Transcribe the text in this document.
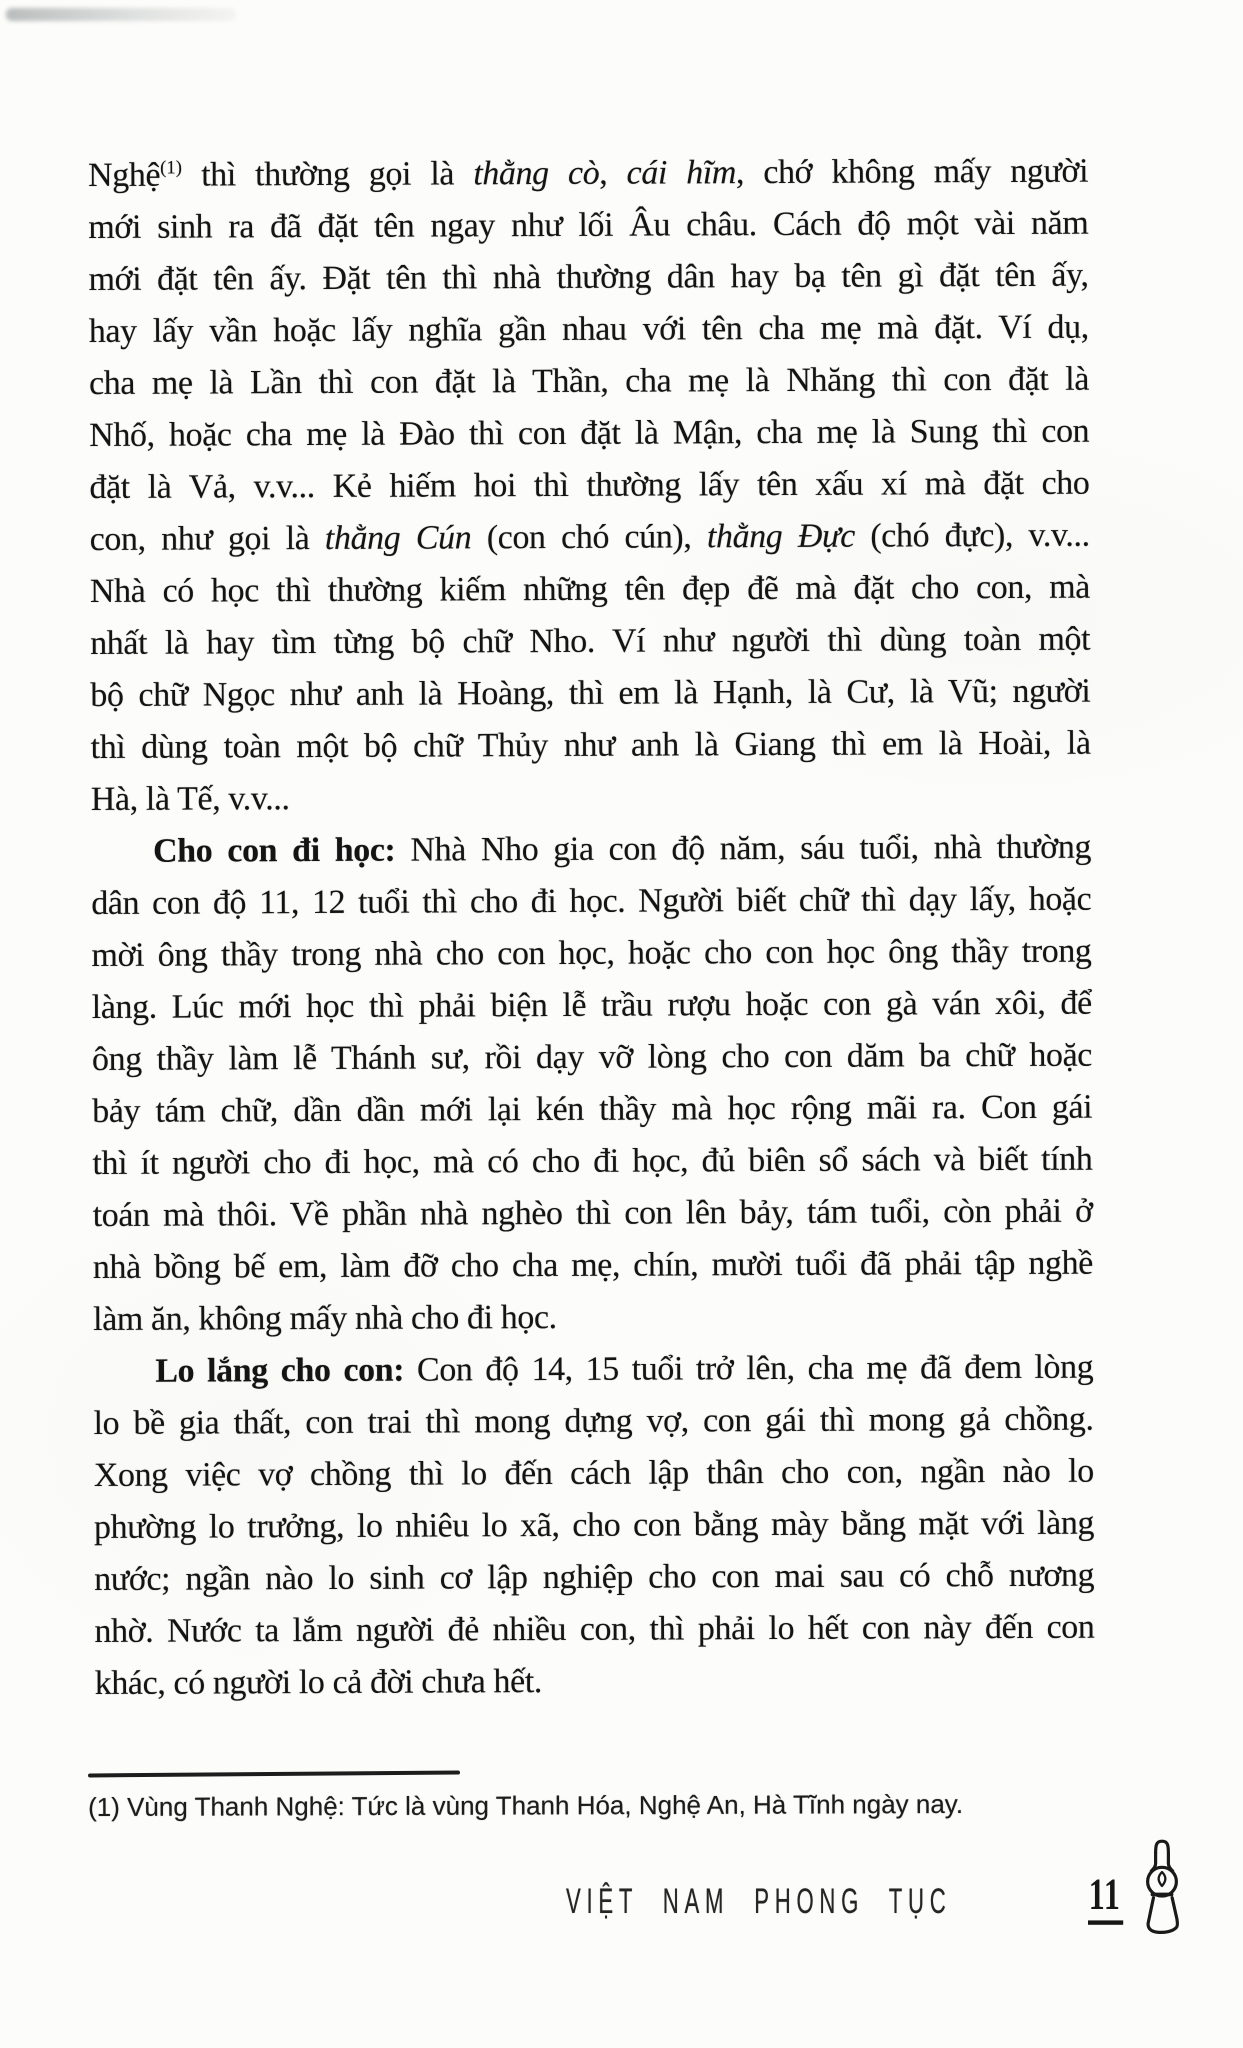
Nghệ$^{(1)}$ thì thường gọi là thằng cò, cái hĩm, chớ không mấy người
mới sinh ra đã đặt tên ngay như lối Âu châu. Cách độ một vài năm
mới đặt tên ấy. Đặt tên thì nhà thường dân hay bạ tên gì đặt tên ấy,
hay lấy vần hoặc lấy nghĩa gần nhau với tên cha mẹ mà đặt. Ví dụ,
cha mẹ là Lần thì con đặt là Thần, cha mẹ là Nhăng thì con đặt là
Nhố, hoặc cha mẹ là Đào thì con đặt là Mận, cha mẹ là Sung thì con
đặt là Vả, v.v... Kẻ hiếm hoi thì thường lấy tên xấu xí mà đặt cho
con, như gọi là thằng Cún (con chó cún), thằng Đực (chó đực), v.v...
Nhà có học thì thường kiếm những tên đẹp đẽ mà đặt cho con, mà
nhất là hay tìm từng bộ chữ Nho. Ví như người thì dùng toàn một
bộ chữ Ngọc như anh là Hoàng, thì em là Hạnh, là Cư, là Vũ; người
thì dùng toàn một bộ chữ Thủy như anh là Giang thì em là Hoài, là
Hà, là Tế, v.v...
Cho con đi học: Nhà Nho gia con độ năm, sáu tuổi, nhà thường
dân con độ 11, 12 tuổi thì cho đi học. Người biết chữ thì dạy lấy, hoặc
mời ông thầy trong nhà cho con học, hoặc cho con học ông thầy trong
làng. Lúc mới học thì phải biện lễ trầu rượu hoặc con gà ván xôi, để
ông thầy làm lễ Thánh sư, rồi dạy vỡ lòng cho con dăm ba chữ hoặc
bảy tám chữ, dần dần mới lại kén thầy mà học rộng mãi ra. Con gái
thì ít người cho đi học, mà có cho đi học, đủ biên sổ sách và biết tính
toán mà thôi. Về phần nhà nghèo thì con lên bảy, tám tuổi, còn phải ở
nhà bồng bế em, làm đỡ cho cha mẹ, chín, mười tuổi đã phải tập nghề
làm ăn, không mấy nhà cho đi học.
Lo lắng cho con: Con độ 14, 15 tuổi trở lên, cha mẹ đã đem lòng
lo bề gia thất, con trai thì mong dựng vợ, con gái thì mong gả chồng.
Xong việc vợ chồng thì lo đến cách lập thân cho con, ngần nào lo
phường lo trưởng, lo nhiêu lo xã, cho con bằng mày bằng mặt với làng
nước; ngần nào lo sinh cơ lập nghiệp cho con mai sau có chỗ nương
nhờ. Nước ta lắm người đẻ nhiều con, thì phải lo hết con này đến con
khác, có người lo cả đời chưa hết.
(1) Vùng Thanh Nghệ: Tức là vùng Thanh Hóa, Nghệ An, Hà Tĩnh ngày nay.
VIỆT NAM PHONG TỤC	11
